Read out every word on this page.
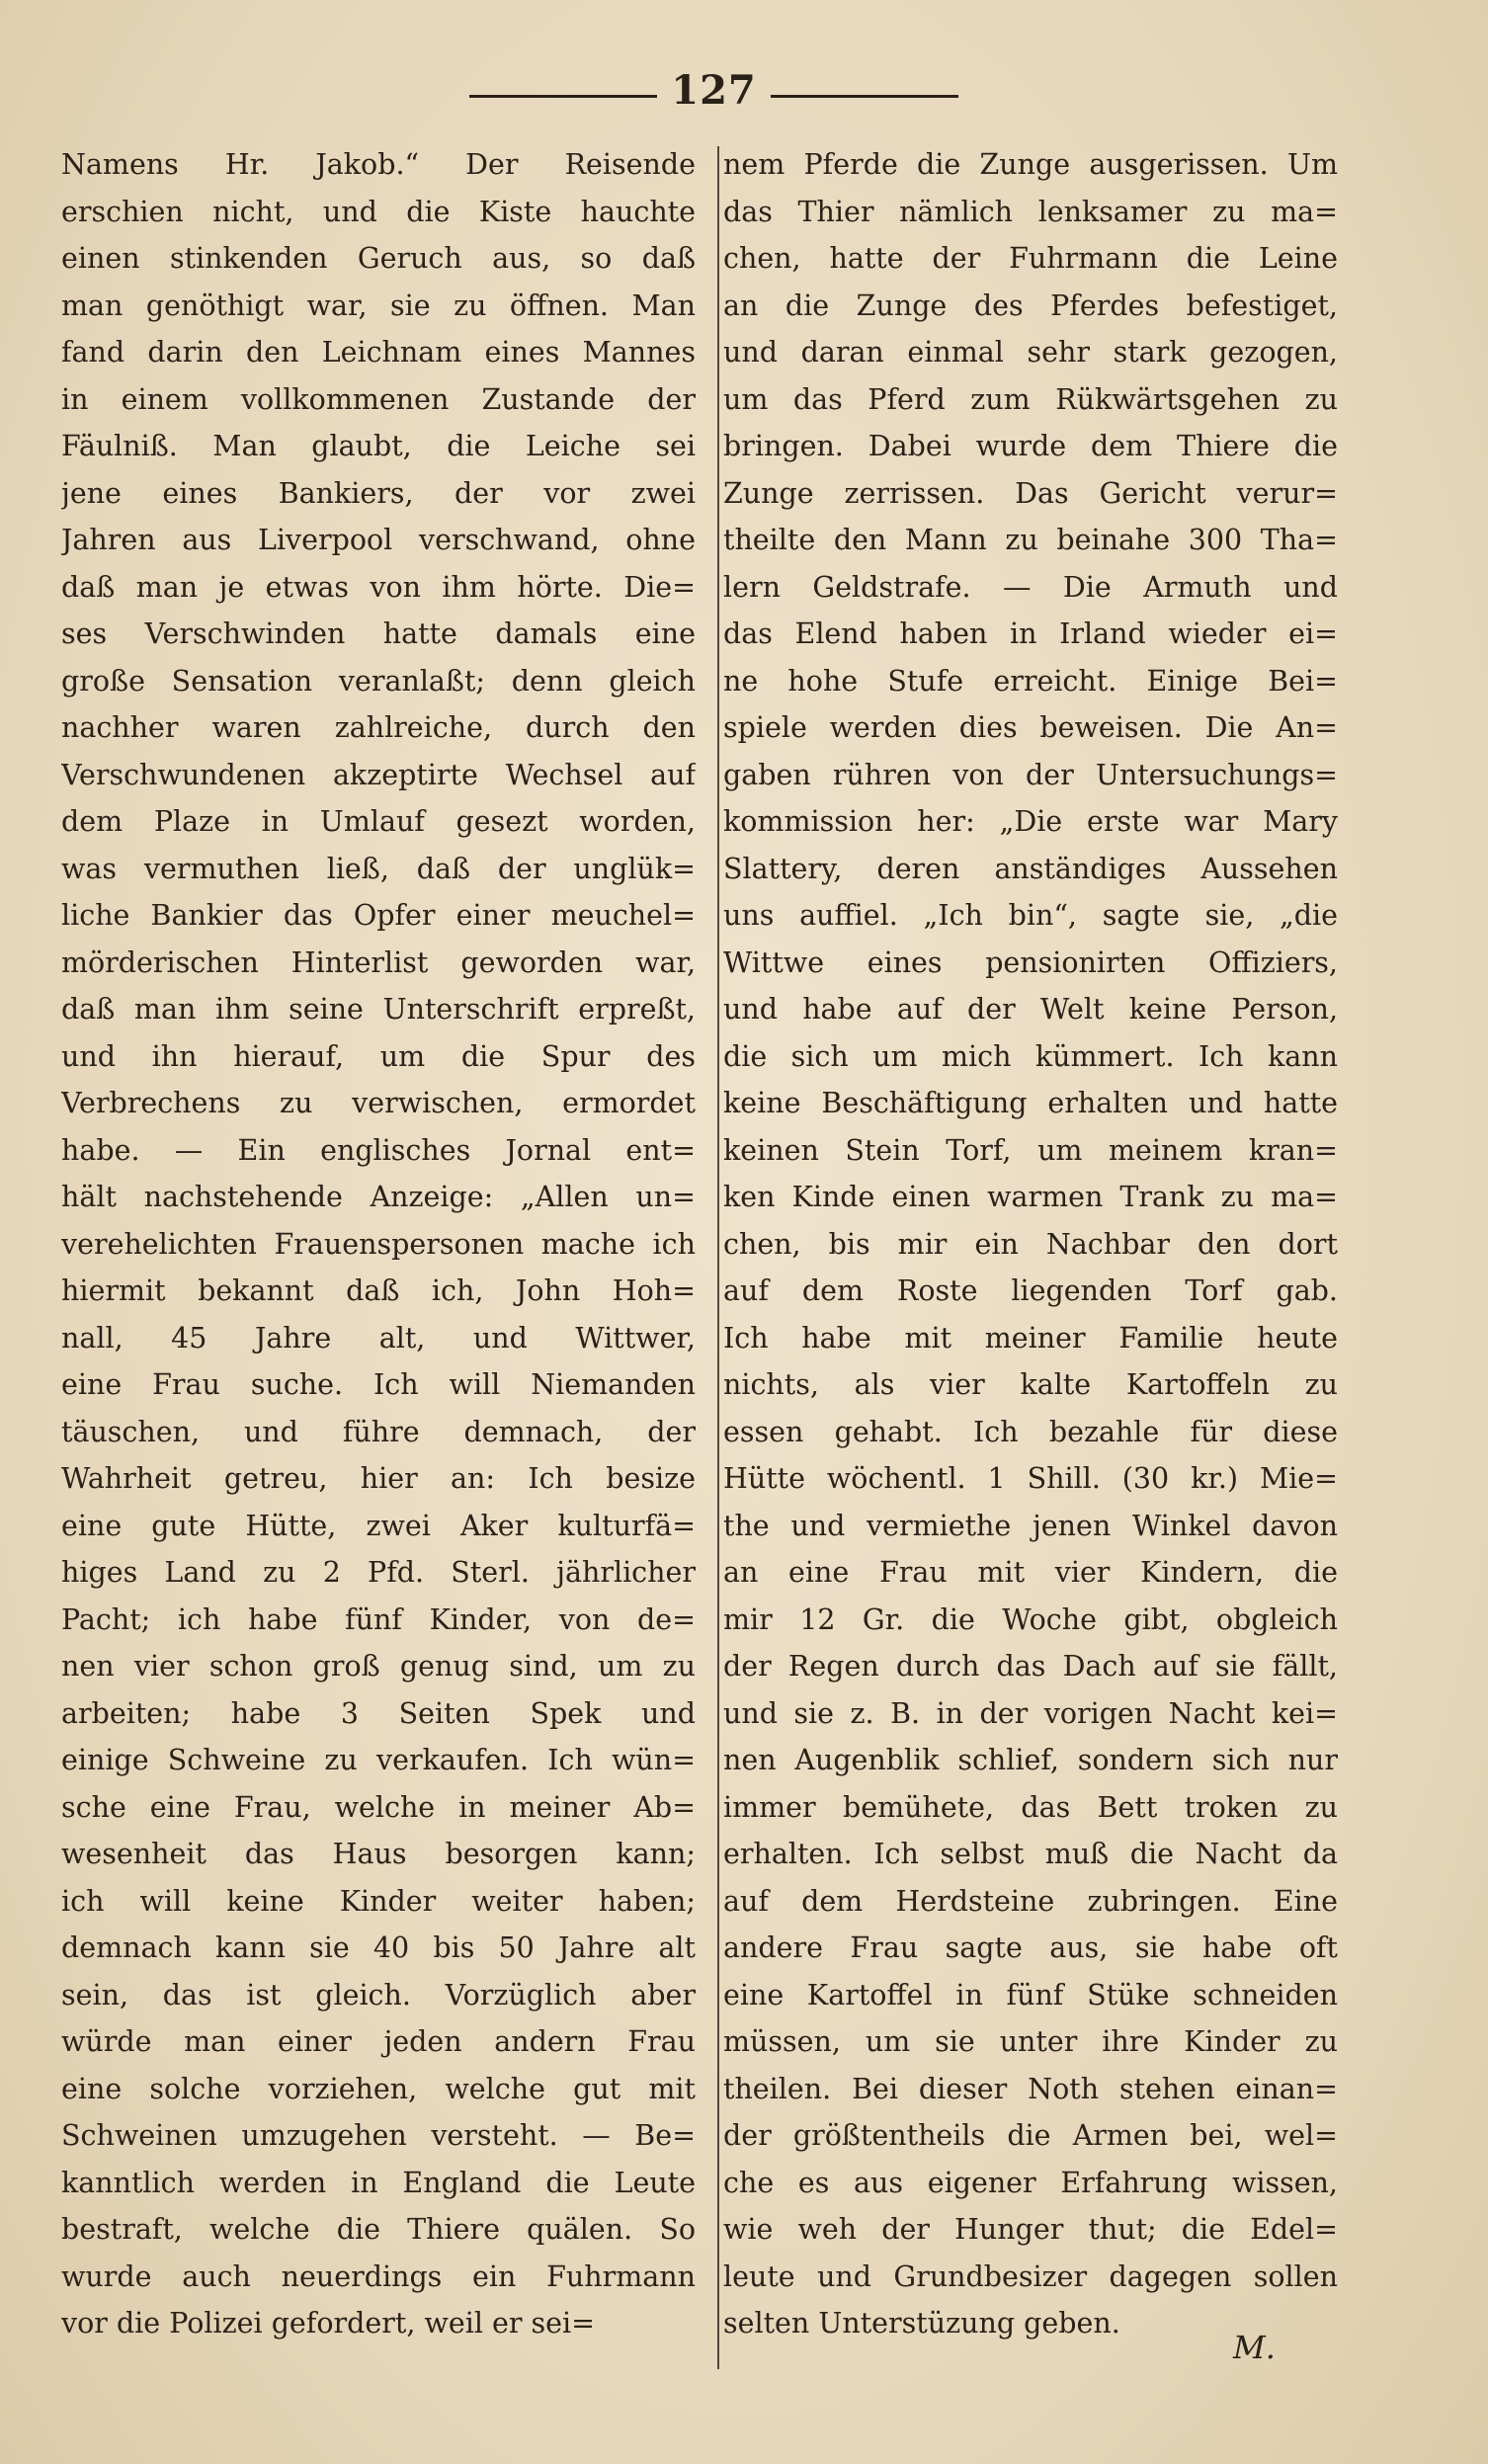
127
Namens Hr. Jakob.“ Der Reisende
erschien nicht, und die Kiste hauchte
einen stinkenden Geruch aus, so daß
man genöthigt war, sie zu öffnen. Man
fand darin den Leichnam eines Mannes
in einem vollkommenen Zustande der
Fäulniß. Man glaubt, die Leiche sei
jene eines Bankiers, der vor zwei
Jahren aus Liverpool verschwand, ohne
daß man je etwas von ihm hörte. Die=
ses Verschwinden hatte damals eine
große Sensation veranlaßt; denn gleich
nachher waren zahlreiche, durch den
Verschwundenen akzeptirte Wechsel auf
dem Plaze in Umlauf gesezt worden,
was vermuthen ließ, daß der unglük=
liche Bankier das Opfer einer meuchel=
mörderischen Hinterlist geworden war,
daß man ihm seine Unterschrift erpreßt,
und ihn hierauf, um die Spur des
Verbrechens zu verwischen, ermordet
habe. — Ein englisches Jornal ent=
hält nachstehende Anzeige: „Allen un=
verehelichten Frauenspersonen mache ich
hiermit bekannt daß ich, John Hoh=
nall, 45 Jahre alt, und Wittwer,
eine Frau suche. Ich will Niemanden
täuschen, und führe demnach, der
Wahrheit getreu, hier an: Ich besize
eine gute Hütte, zwei Aker kulturfä=
higes Land zu 2 Pfd. Sterl. jährlicher
Pacht; ich habe fünf Kinder, von de=
nen vier schon groß genug sind, um zu
arbeiten; habe 3 Seiten Spek und
einige Schweine zu verkaufen. Ich wün=
sche eine Frau, welche in meiner Ab=
wesenheit das Haus besorgen kann;
ich will keine Kinder weiter haben;
demnach kann sie 40 bis 50 Jahre alt
sein, das ist gleich. Vorzüglich aber
würde man einer jeden andern Frau
eine solche vorziehen, welche gut mit
Schweinen umzugehen versteht. — Be=
kanntlich werden in England die Leute
bestraft, welche die Thiere quälen. So
wurde auch neuerdings ein Fuhrmann
vor die Polizei gefordert, weil er sei=
nem Pferde die Zunge ausgerissen. Um
das Thier nämlich lenksamer zu ma=
chen, hatte der Fuhrmann die Leine
an die Zunge des Pferdes befestiget,
und daran einmal sehr stark gezogen,
um das Pferd zum Rükwärtsgehen zu
bringen. Dabei wurde dem Thiere die
Zunge zerrissen. Das Gericht verur=
theilte den Mann zu beinahe 300 Tha=
lern Geldstrafe. — Die Armuth und
das Elend haben in Irland wieder ei=
ne hohe Stufe erreicht. Einige Bei=
spiele werden dies beweisen. Die An=
gaben rühren von der Untersuchungs=
kommission her: „Die erste war Mary
Slattery, deren anständiges Aussehen
uns auffiel. „Ich bin“, sagte sie, „die
Wittwe eines pensionirten Offiziers,
und habe auf der Welt keine Person,
die sich um mich kümmert. Ich kann
keine Beschäftigung erhalten und hatte
keinen Stein Torf, um meinem kran=
ken Kinde einen warmen Trank zu ma=
chen, bis mir ein Nachbar den dort
auf dem Roste liegenden Torf gab.
Ich habe mit meiner Familie heute
nichts, als vier kalte Kartoffeln zu
essen gehabt. Ich bezahle für diese
Hütte wöchentl. 1 Shill. (30 kr.) Mie=
the und vermiethe jenen Winkel davon
an eine Frau mit vier Kindern, die
mir 12 Gr. die Woche gibt, obgleich
der Regen durch das Dach auf sie fällt,
und sie z. B. in der vorigen Nacht kei=
nen Augenblik schlief, sondern sich nur
immer bemühete, das Bett troken zu
erhalten. Ich selbst muß die Nacht da
auf dem Herdsteine zubringen. Eine
andere Frau sagte aus, sie habe oft
eine Kartoffel in fünf Stüke schneiden
müssen, um sie unter ihre Kinder zu
theilen. Bei dieser Noth stehen einan=
der größtentheils die Armen bei, wel=
che es aus eigener Erfahrung wissen,
wie weh der Hunger thut; die Edel=
leute und Grundbesizer dagegen sollen
selten Unterstüzung geben.
M.
